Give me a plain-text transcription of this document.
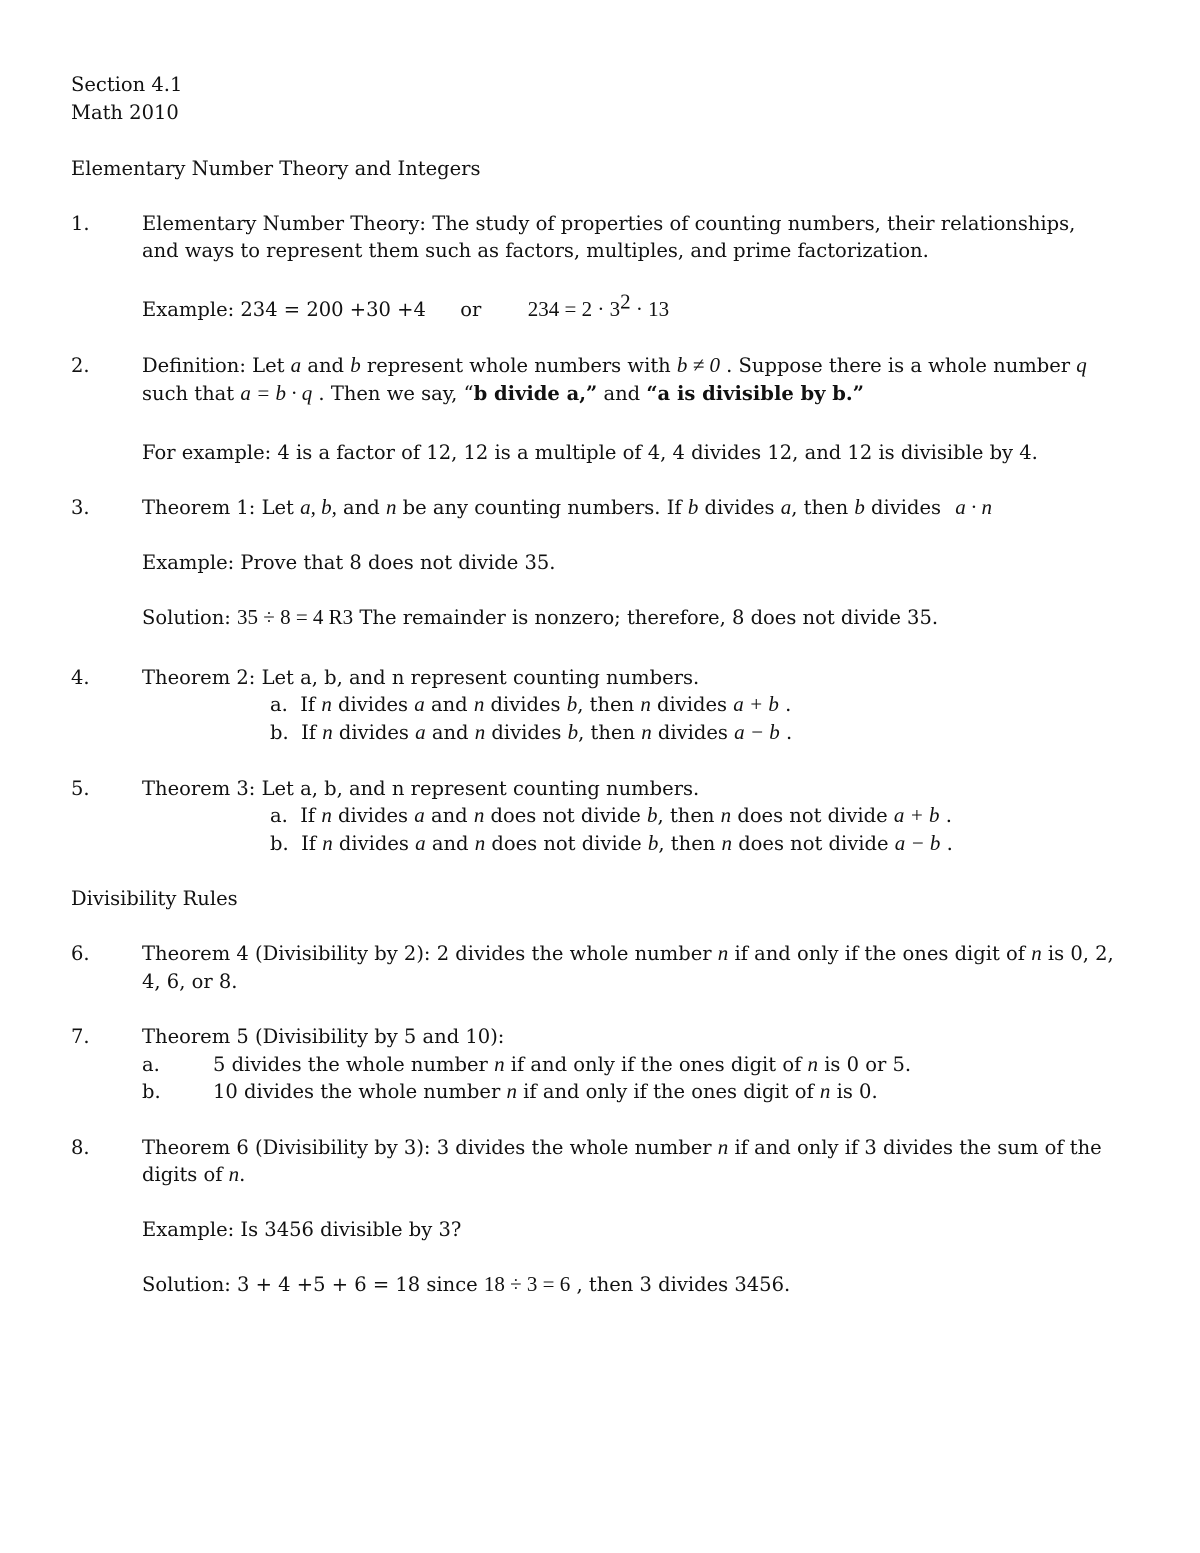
Section 4.1
Math 2010
Elementary Number Theory and Integers
1.	Elementary Number Theory: The study of properties of counting numbers, their relationships,
and ways to represent them such as factors, multiples, and prime factorization.
Example: 234 = 200 +30 +4 or $234 = 2 \cdot 3^2 \cdot 13$
2.	Definition: Let a and b represent whole numbers with b ≠ 0 . Suppose there is a whole number q
such that a = b · q . Then we say, “b divide a,” and “a is divisible by b.”
For example: 4 is a factor of 12, 12 is a multiple of 4, 4 divides 12, and 12 is divisible by 4.
3.	Theorem 1: Let a, b, and n be any counting numbers. If b divides a, then b divides a · n
Example: Prove that 8 does not divide 35.
Solution: 35 ÷ 8 = 4 R3 The remainder is nonzero; therefore, 8 does not divide 35.
4.	Theorem 2: Let a, b, and n represent counting numbers.
a. If n divides a and n divides b, then n divides a + b .
b. If n divides a and n divides b, then n divides a − b .
5.	Theorem 3: Let a, b, and n represent counting numbers.
a. If n divides a and n does not divide b, then n does not divide a + b .
b. If n divides a and n does not divide b, then n does not divide a − b .
Divisibility Rules
6.	Theorem 4 (Divisibility by 2): 2 divides the whole number n if and only if the ones digit of n is 0, 2,
4, 6, or 8.
7.	Theorem 5 (Divisibility by 5 and 10):
a.	5 divides the whole number n if and only if the ones digit of n is 0 or 5.
b.	10 divides the whole number n if and only if the ones digit of n is 0.
8.	Theorem 6 (Divisibility by 3): 3 divides the whole number n if and only if 3 divides the sum of the
digits of n.
Example: Is 3456 divisible by 3?
Solution: 3 + 4 +5 + 6 = 18 since 18 ÷ 3 = 6 , then 3 divides 3456.
